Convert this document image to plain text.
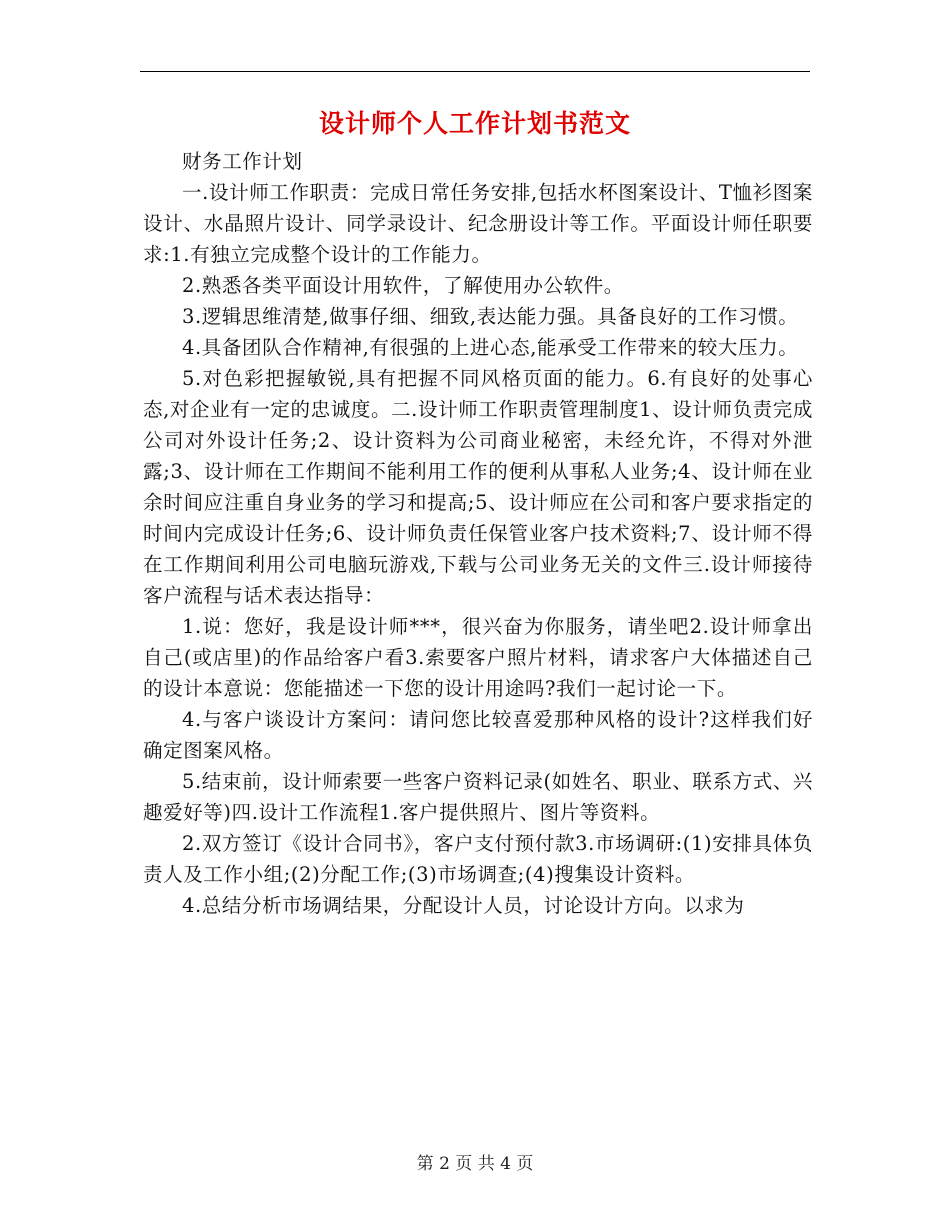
设计师个人工作计划书范文

财务工作计划

一.设计师工作职责：完成日常任务安排,包括水杯图案设计、T恤衫图案设计、水晶照片设计、同学录设计、纪念册设计等工作。平面设计师任职要求:1.有独立完成整个设计的工作能力。

2.熟悉各类平面设计用软件，了解使用办公软件。

3.逻辑思维清楚,做事仔细、细致,表达能力强。具备良好的工作习惯。

4.具备团队合作精神,有很强的上进心态,能承受工作带来的较大压力。

5.对色彩把握敏锐,具有把握不同风格页面的能力。6.有良好的处事心态,对企业有一定的忠诚度。二.设计师工作职责管理制度1、设计师负责完成公司对外设计任务;2、设计资料为公司商业秘密，未经允许，不得对外泄露;3、设计师在工作期间不能利用工作的便利从事私人业务;4、设计师在业余时间应注重自身业务的学习和提高;5、设计师应在公司和客户要求指定的时间内完成设计任务;6、设计师负责任保管业客户技术资料;7、设计师不得在工作期间利用公司电脑玩游戏,下载与公司业务无关的文件三.设计师接待客户流程与话术表达指导：

1.说：您好，我是设计师***，很兴奋为你服务，请坐吧2.设计师拿出自己(或店里)的作品给客户看3.索要客户照片材料，请求客户大体描述自己的设计本意说：您能描述一下您的设计用途吗?我们一起讨论一下。

4.与客户谈设计方案问：请问您比较喜爱那种风格的设计?这样我们好确定图案风格。

5.结束前，设计师索要一些客户资料记录(如姓名、职业、联系方式、兴趣爱好等)四.设计工作流程1.客户提供照片、图片等资料。

2.双方签订《设计合同书》，客户支付预付款3.市场调研:(1)安排具体负责人及工作小组;(2)分配工作;(3)市场调查;(4)搜集设计资料。

4.总结分析市场调结果，分配设计人员，讨论设计方向。以求为

第 2 页 共 4 页
